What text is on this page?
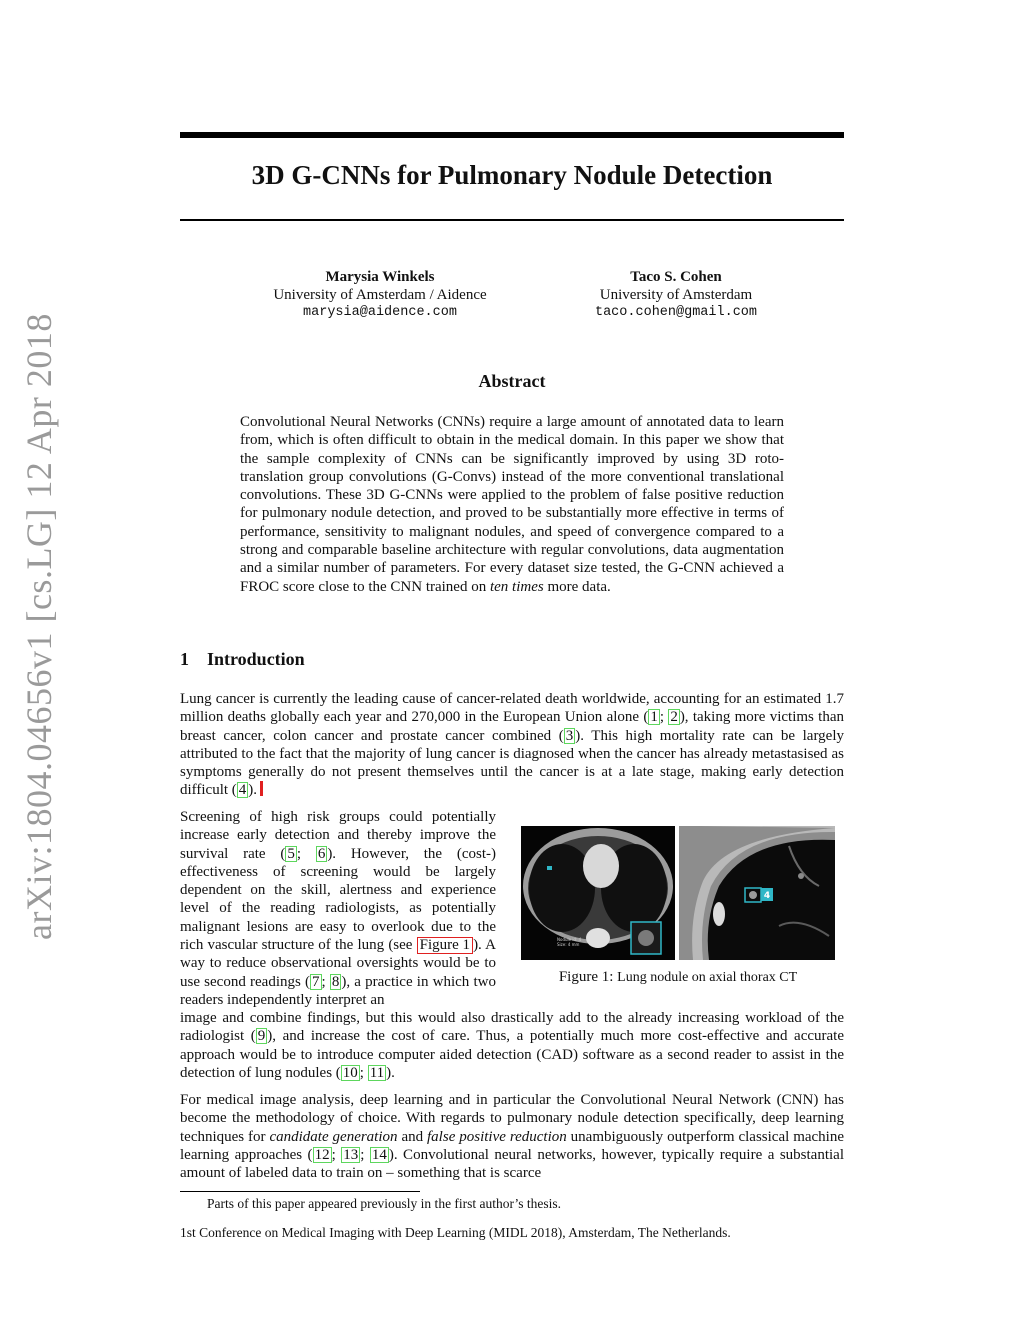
arXiv:1804.04656v1 [cs.LG] 12 Apr 2018
3D G-CNNs for Pulmonary Nodule Detection
Marysia Winkels
University of Amsterdam / Aidence
marysia@aidence.com
Taco S. Cohen
University of Amsterdam
taco.cohen@gmail.com
Abstract
Convolutional Neural Networks (CNNs) require a large amount of annotated data to learn from, which is often difficult to obtain in the medical domain. In this paper we show that the sample complexity of CNNs can be significantly improved by using 3D roto-translation group convolutions (G-Convs) instead of the more conventional translational convolutions. These 3D G-CNNs were applied to the problem of false positive reduction for pulmonary nodule detection, and proved to be substantially more effective in terms of performance, sensitivity to malignant nodules, and speed of convergence compared to a strong and comparable baseline architecture with regular convolutions, data augmentation and a similar number of parameters. For every dataset size tested, the G-CNN achieved a FROC score close to the CNN trained on ten times more data.
1 Introduction
Lung cancer is currently the leading cause of cancer-related death worldwide, accounting for an estimated 1.7 million deaths globally each year and 270,000 in the European Union alone ( 1 ; 2 ), taking more victims than breast cancer, colon cancer and prostate cancer combined ( 3 ). This high mortality rate can be largely attributed to the fact that the majority of lung cancer is diagnosed when the cancer has already metastasised as symptoms generally do not present themselves until the cancer is at a late stage, making early detection difficult ( 4 ).
Screening of high risk groups could potentially increase early detection and thereby improve the survival rate ( 5 ; 6 ). However, the (cost-) effectiveness of screening would be largely dependent on the skill, alertness and experience level of the reading radiologists, as potentially malignant lesions are easy to overlook due to the rich vascular structure of the lung (see Figure 1 ). A way to reduce observational oversights would be to use second readings ( 7 ; 8 ), a practice in which two readers independently interpret an
Nodule id: 4
Size: 4 mm
4
Figure 1: Lung nodule on axial thorax CT
image and combine findings, but this would also drastically add to the already increasing workload of the radiologist ( 9 ), and increase the cost of care. Thus, a potentially much more cost-effective and accurate approach would be to introduce computer aided detection (CAD) software as a second reader to assist in the detection of lung nodules ( 10 ; 11 ).
For medical image analysis, deep learning and in particular the Convolutional Neural Network (CNN) has become the methodology of choice. With regards to pulmonary nodule detection specifically, deep learning techniques for candidate generation and false positive reduction unambiguously outperform classical machine learning approaches ( 12 ; 13 ; 14 ). Convolutional neural networks, however, typically require a substantial amount of labeled data to train on – something that is scarce
Parts of this paper appeared previously in the first author’s thesis.
1st Conference on Medical Imaging with Deep Learning (MIDL 2018), Amsterdam, The Netherlands.
